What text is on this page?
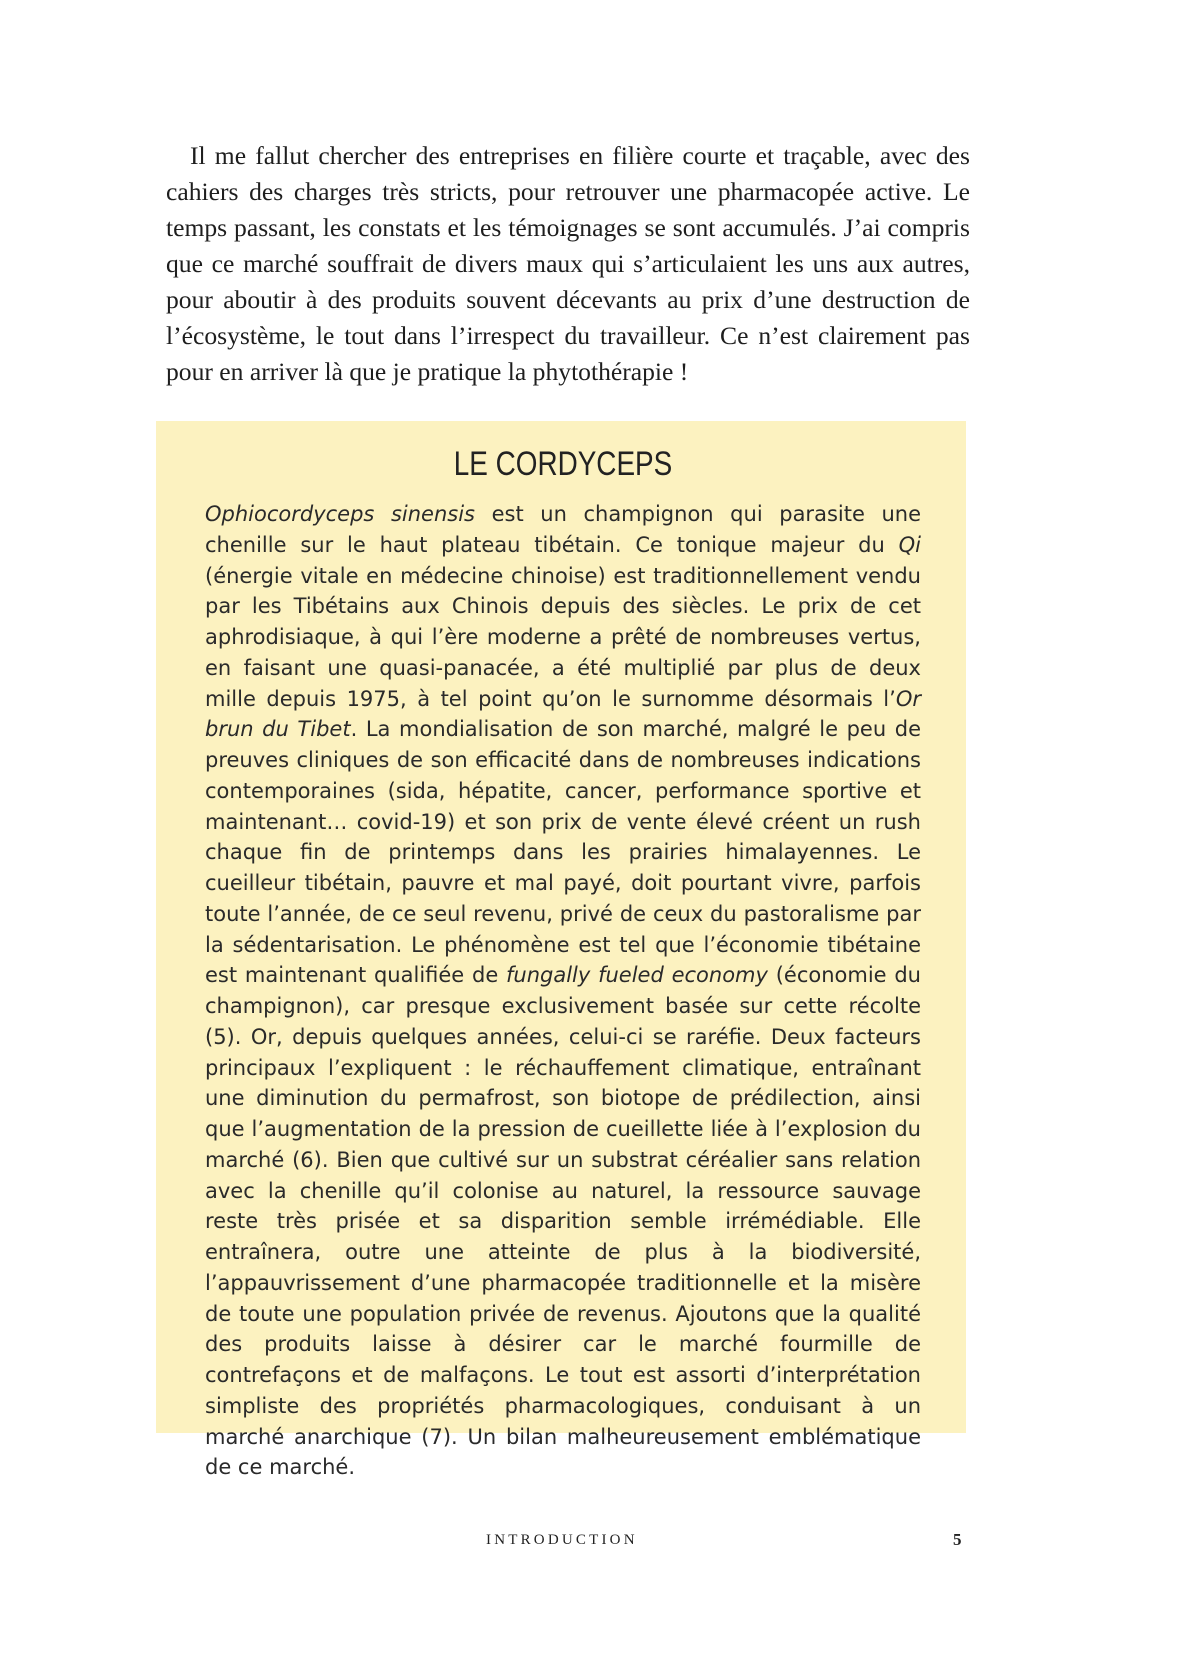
Il me fallut chercher des entreprises en filière courte et traçable, avec des cahiers des charges très stricts, pour retrouver une pharmacopée active. Le temps passant, les constats et les témoignages se sont accumulés. J’ai compris que ce marché souffrait de divers maux qui s’articulaient les uns aux autres, pour aboutir à des produits souvent décevants au prix d’une destruction de l’écosystème, le tout dans l’irrespect du travailleur. Ce n’est clairement pas pour en arriver là que je pratique la phytothérapie !

LE CORDYCEPS

Ophiocordyceps sinensis est un champignon qui parasite une chenille sur le haut plateau tibétain. Ce tonique majeur du Qi (énergie vitale en médecine chinoise) est traditionnellement vendu par les Tibétains aux Chinois depuis des siècles. Le prix de cet aphrodisiaque, à qui l’ère moderne a prêté de nombreuses vertus, en faisant une quasi-panacée, a été multiplié par plus de deux mille depuis 1975, à tel point qu’on le surnomme désormais l’Or brun du Tibet. La mondialisation de son marché, malgré le peu de preuves cliniques de son efficacité dans de nombreuses indications contemporaines (sida, hépatite, cancer, performance sportive et maintenant… covid-19) et son prix de vente élevé créent un rush chaque fin de printemps dans les prairies himalayennes. Le cueilleur tibétain, pauvre et mal payé, doit pourtant vivre, parfois toute l’année, de ce seul revenu, privé de ceux du pastoralisme par la sédentarisation. Le phénomène est tel que l’économie tibétaine est maintenant qualifiée de fungally fueled economy (économie du champignon), car presque exclusivement basée sur cette récolte (5). Or, depuis quelques années, celui-ci se raréfie. Deux facteurs principaux l’expliquent : le réchauffement climatique, entraînant une diminution du permafrost, son biotope de prédilection, ainsi que l’augmentation de la pression de cueillette liée à l’explosion du marché (6). Bien que cultivé sur un substrat céréalier sans relation avec la chenille qu’il colonise au naturel, la ressource sauvage reste très prisée et sa disparition semble irrémédiable. Elle entraînera, outre une atteinte de plus à la biodiversité, l’appauvrissement d’une pharmacopée traditionnelle et la misère de toute une population privée de revenus. Ajoutons que la qualité des produits laisse à désirer car le marché fourmille de contrefaçons et de malfaçons. Le tout est assorti d’interprétation simpliste des propriétés pharmacologiques, conduisant à un marché anarchique (7). Un bilan malheureusement emblématique de ce marché.

INTRODUCTION	5
